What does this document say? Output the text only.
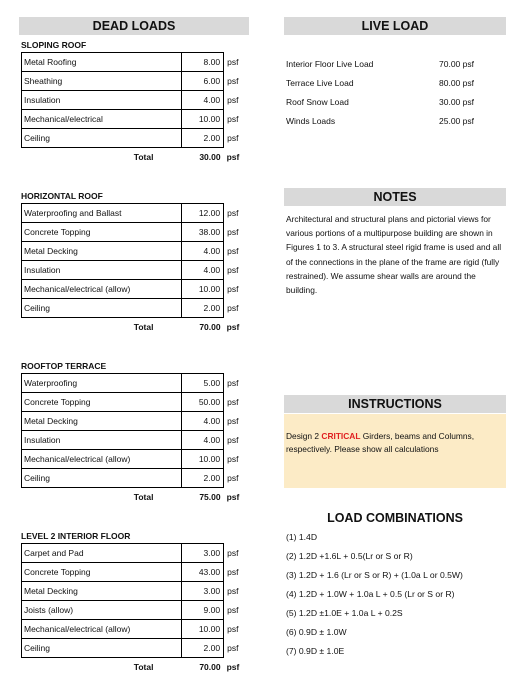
DEAD LOADS	LIVE LOAD
NOTES
LOAD COMBINATIONS
SLOPING ROOF
Metal Roofing	8.00	psf
Sheathing	6.00	psf
Insulation	4.00	psf
Mechanical/electrical	10.00	psf
Ceiling	2.00	psf
Total	30.00	psf
HORIZONTAL ROOF
Waterproofing and Ballast	12.00	psf
Concrete Topping	38.00	psf
Metal Decking	4.00	psf
Insulation	4.00	psf
Mechanical/electrical (allow)	10.00	psf
Ceiling	2.00	psf
Total	70.00	psf
ROOFTOP TERRACE
Waterproofing	5.00	psf
Concrete Topping	50.00	psf
Metal Decking	4.00	psf
Insulation	4.00	psf
Mechanical/electrical (allow)	10.00	psf
Ceiling	2.00	psf
Total	75.00	psf
LEVEL 2 INTERIOR FLOOR
Carpet and Pad	3.00	psf
Concrete Topping	43.00	psf
Metal Decking	3.00	psf
Joists (allow)	9.00	psf
Mechanical/electrical (allow)	10.00	psf
Ceiling	2.00	psf
Total	70.00	psf
Interior Floor Live Load	70.00 psf
Terrace Live Load	80.00 psf
Roof Snow Load	30.00 psf
Winds Loads	25.00 psf
Architectural and structural plans and pictorial views for various portions of a multipurpose building are shown in Figures 1 to 3. A structural steel rigid frame is used and all of the connections in the plane of the frame are rigid (fully restrained). We assume shear walls are around the building.
INSTRUCTIONS
Design 2 CRITICAL Girders, beams and Columns, respectively. Please show all calculations
(1) 1.4D
(2) 1.2D +1.6L + 0.5(Lr or S or R)
(3) 1.2D + 1.6 (Lr or S or R) + (1.0a L or 0.5W)
(4) 1.2D + 1.0W + 1.0a L + 0.5 (Lr or S or R)
(5) 1.2D ±1.0E + 1.0a L + 0.2S
(6) 0.9D ± 1.0W
(7) 0.9D ± 1.0E
